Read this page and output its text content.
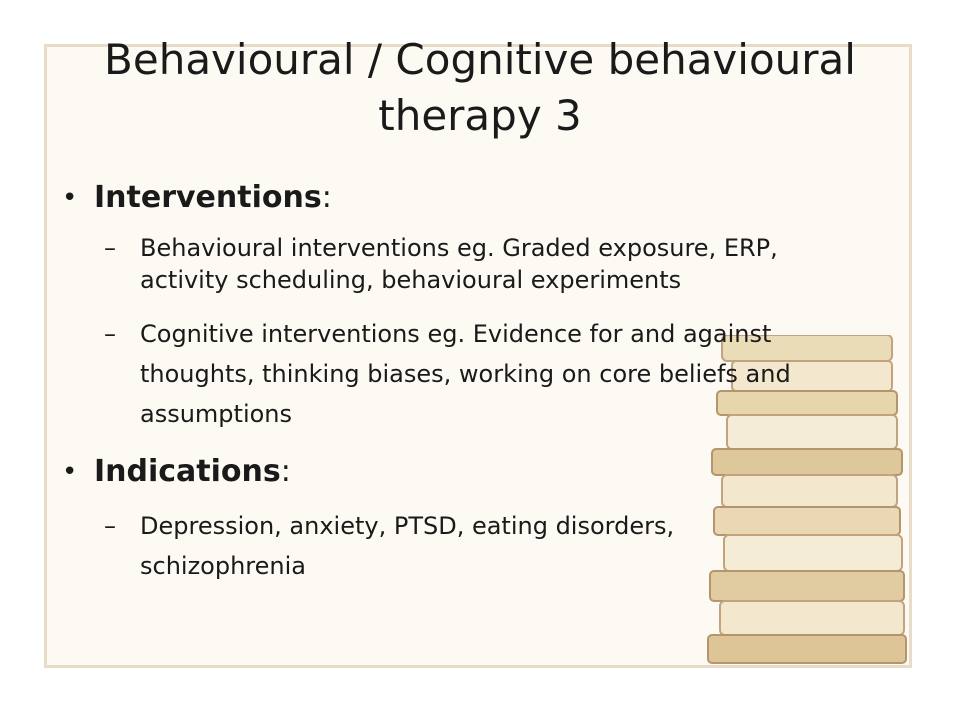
Behavioural / Cognitive behavioural therapy 3
• Interventions:
– Behavioural interventions eg. Graded exposure, ERP, activity scheduling, behavioural experiments
– Cognitive interventions eg. Evidence for and against thoughts, thinking biases, working on core beliefs and assumptions
• Indications:
– Depression, anxiety, PTSD, eating disorders, schizophrenia
